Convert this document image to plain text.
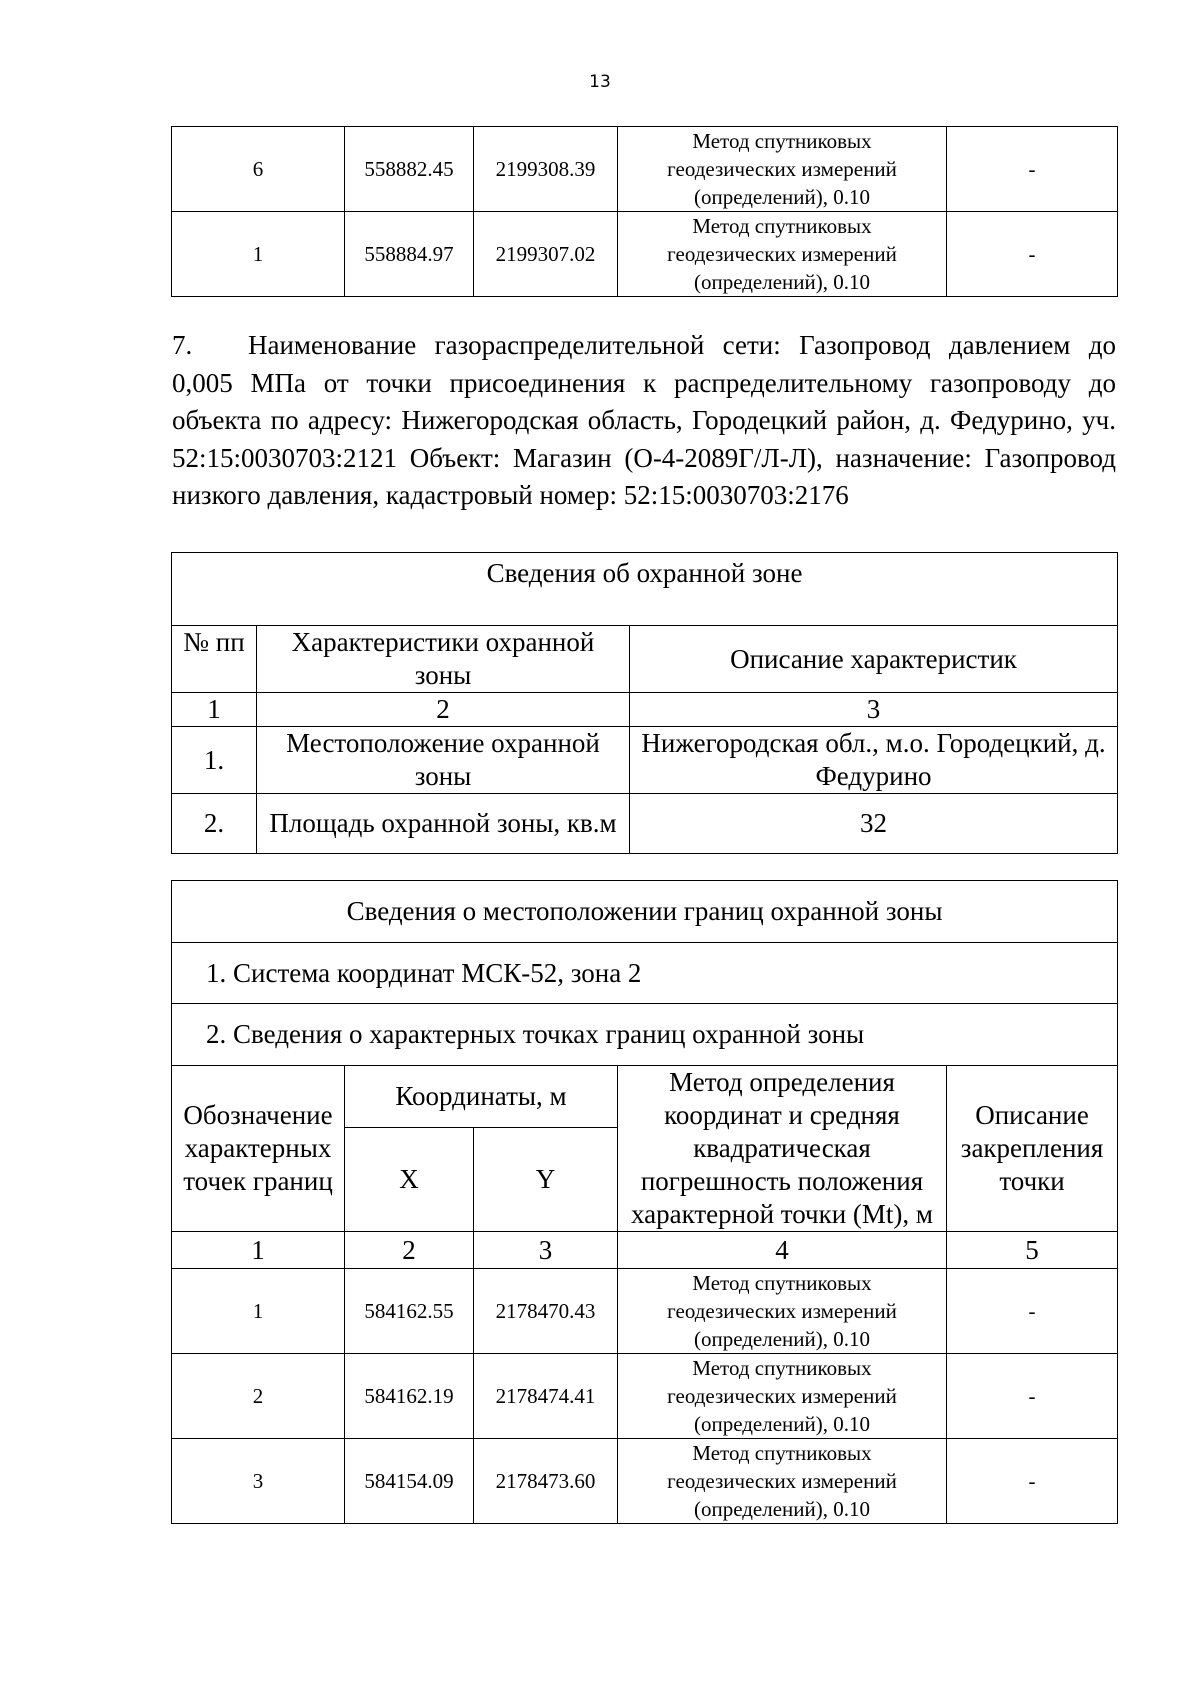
13
6	558882.45	2199308.39	Метод спутниковых
геодезических измерений
(определений), 0.10	-
1	558884.97	2199307.02	Метод спутниковых
геодезических измерений
(определений), 0.10	-
7. Наименование газораспределительной сети: Газопровод давлением до 0,005 МПа от точки присоединения к распределительному газопроводу до объекта по адресу: Нижегородская область, Городецкий район, д. Федурино, уч. 52:15:0030703:2121 Объект: Магазин (О-4-2089Г/Л-Л), назначение: Газопровод низкого давления, кадастровый номер: 52:15:0030703:2176
Сведения об охранной зоне		
№ пп	Характеристики охранной зоны	Описание характеристик
1	2	3
1.	Местоположение охранной зоны	Нижегородская обл., м.о. Городецкий, д. Федурино
2.	Площадь охранной зоны, кв.м	32
Сведения о местоположении границ охранной зоны				
1. Система координат МСК-52, зона 2				
2. Сведения о характерных точках границ охранной зоны				
Обозначение характерных точек границ	Координаты, м		Метод определения координат и средняя квадратическая погрешность положения характерной точки (Mt), м	Описание закрепления точки
	X	Y		
1	2	3	4	5
1	584162.55	2178470.43	Метод спутниковых
геодезических измерений
(определений), 0.10	-
2	584162.19	2178474.41	Метод спутниковых
геодезических измерений
(определений), 0.10	-
3	584154.09	2178473.60	Метод спутниковых
геодезических измерений
(определений), 0.10	-
